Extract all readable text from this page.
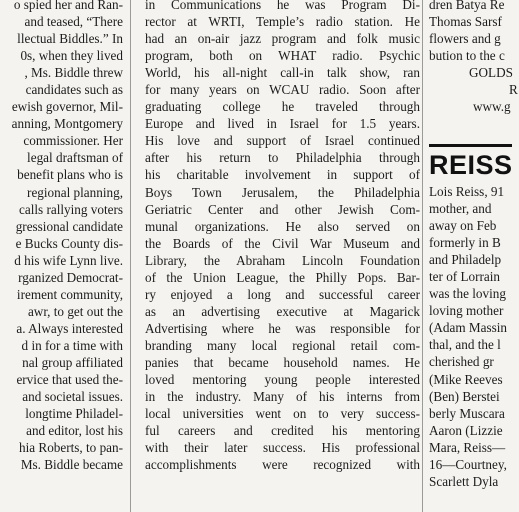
o spied her and Ran-
and teased, “There
llectual Biddles.” In
0s, when they lived
, Ms. Biddle threw
candidates such as
ewish governor, Mil-
anning, Montgomery
commissioner. Her
legal draftsman of
benefit plans who is
regional planning,
calls rallying voters
gressional candidate
e Bucks County dis-
d his wife Lynn live.
rganized Democrat-
irement community,
awr, to get out the
a. Always interested
d in for a time with
nal group affiliated
ervice that used the-
and societal issues.
longtime Philadel-
and editor, lost his
hia Roberts, to pan-
Ms. Biddle became
in Communications he was Program Di-
rector at WRTI, Temple’s radio station. He
had an on-air jazz program and folk music
program, both on WHAT radio. Psychic
World, his all-night call-in talk show, ran
for many years on WCAU radio. Soon after
graduating college he traveled through
Europe and lived in Israel for 1.5 years.
His love and support of Israel continued
after his return to Philadelphia through
his charitable involvement in support of
Boys Town Jerusalem, the Philadelphia
Geriatric Center and other Jewish Com-
munal organizations. He also served on
the Boards of the Civil War Museum and
Library, the Abraham Lincoln Foundation
of the Union League, the Philly Pops. Bar-
ry enjoyed a long and successful career
as an advertising executive at Magarick
Advertising where he was responsible for
branding many local regional retail com-
panies that became household names. He
loved mentoring young people interested
in the industry. Many of his interns from
local universities went on to very success-
ful careers and credited his mentoring
with their later success. His professional
accomplishments were recognized with
dren Batya Re
Thomas Sarsf
flowers and g
bution to the c
GOLDS
R
www.g
REISS
Lois Reiss, 91
mother, and
away on Feb
formerly in B
and Philadelp
ter of Lorrain
was the loving
loving mother
(Adam Massin
thal, and the l
cherished gr
(Mike Reeves
(Ben) Berstei
berly Muscara
Aaron (Lizzie
Mara, Reiss—
16—Courtney,
Scarlett Dyla
